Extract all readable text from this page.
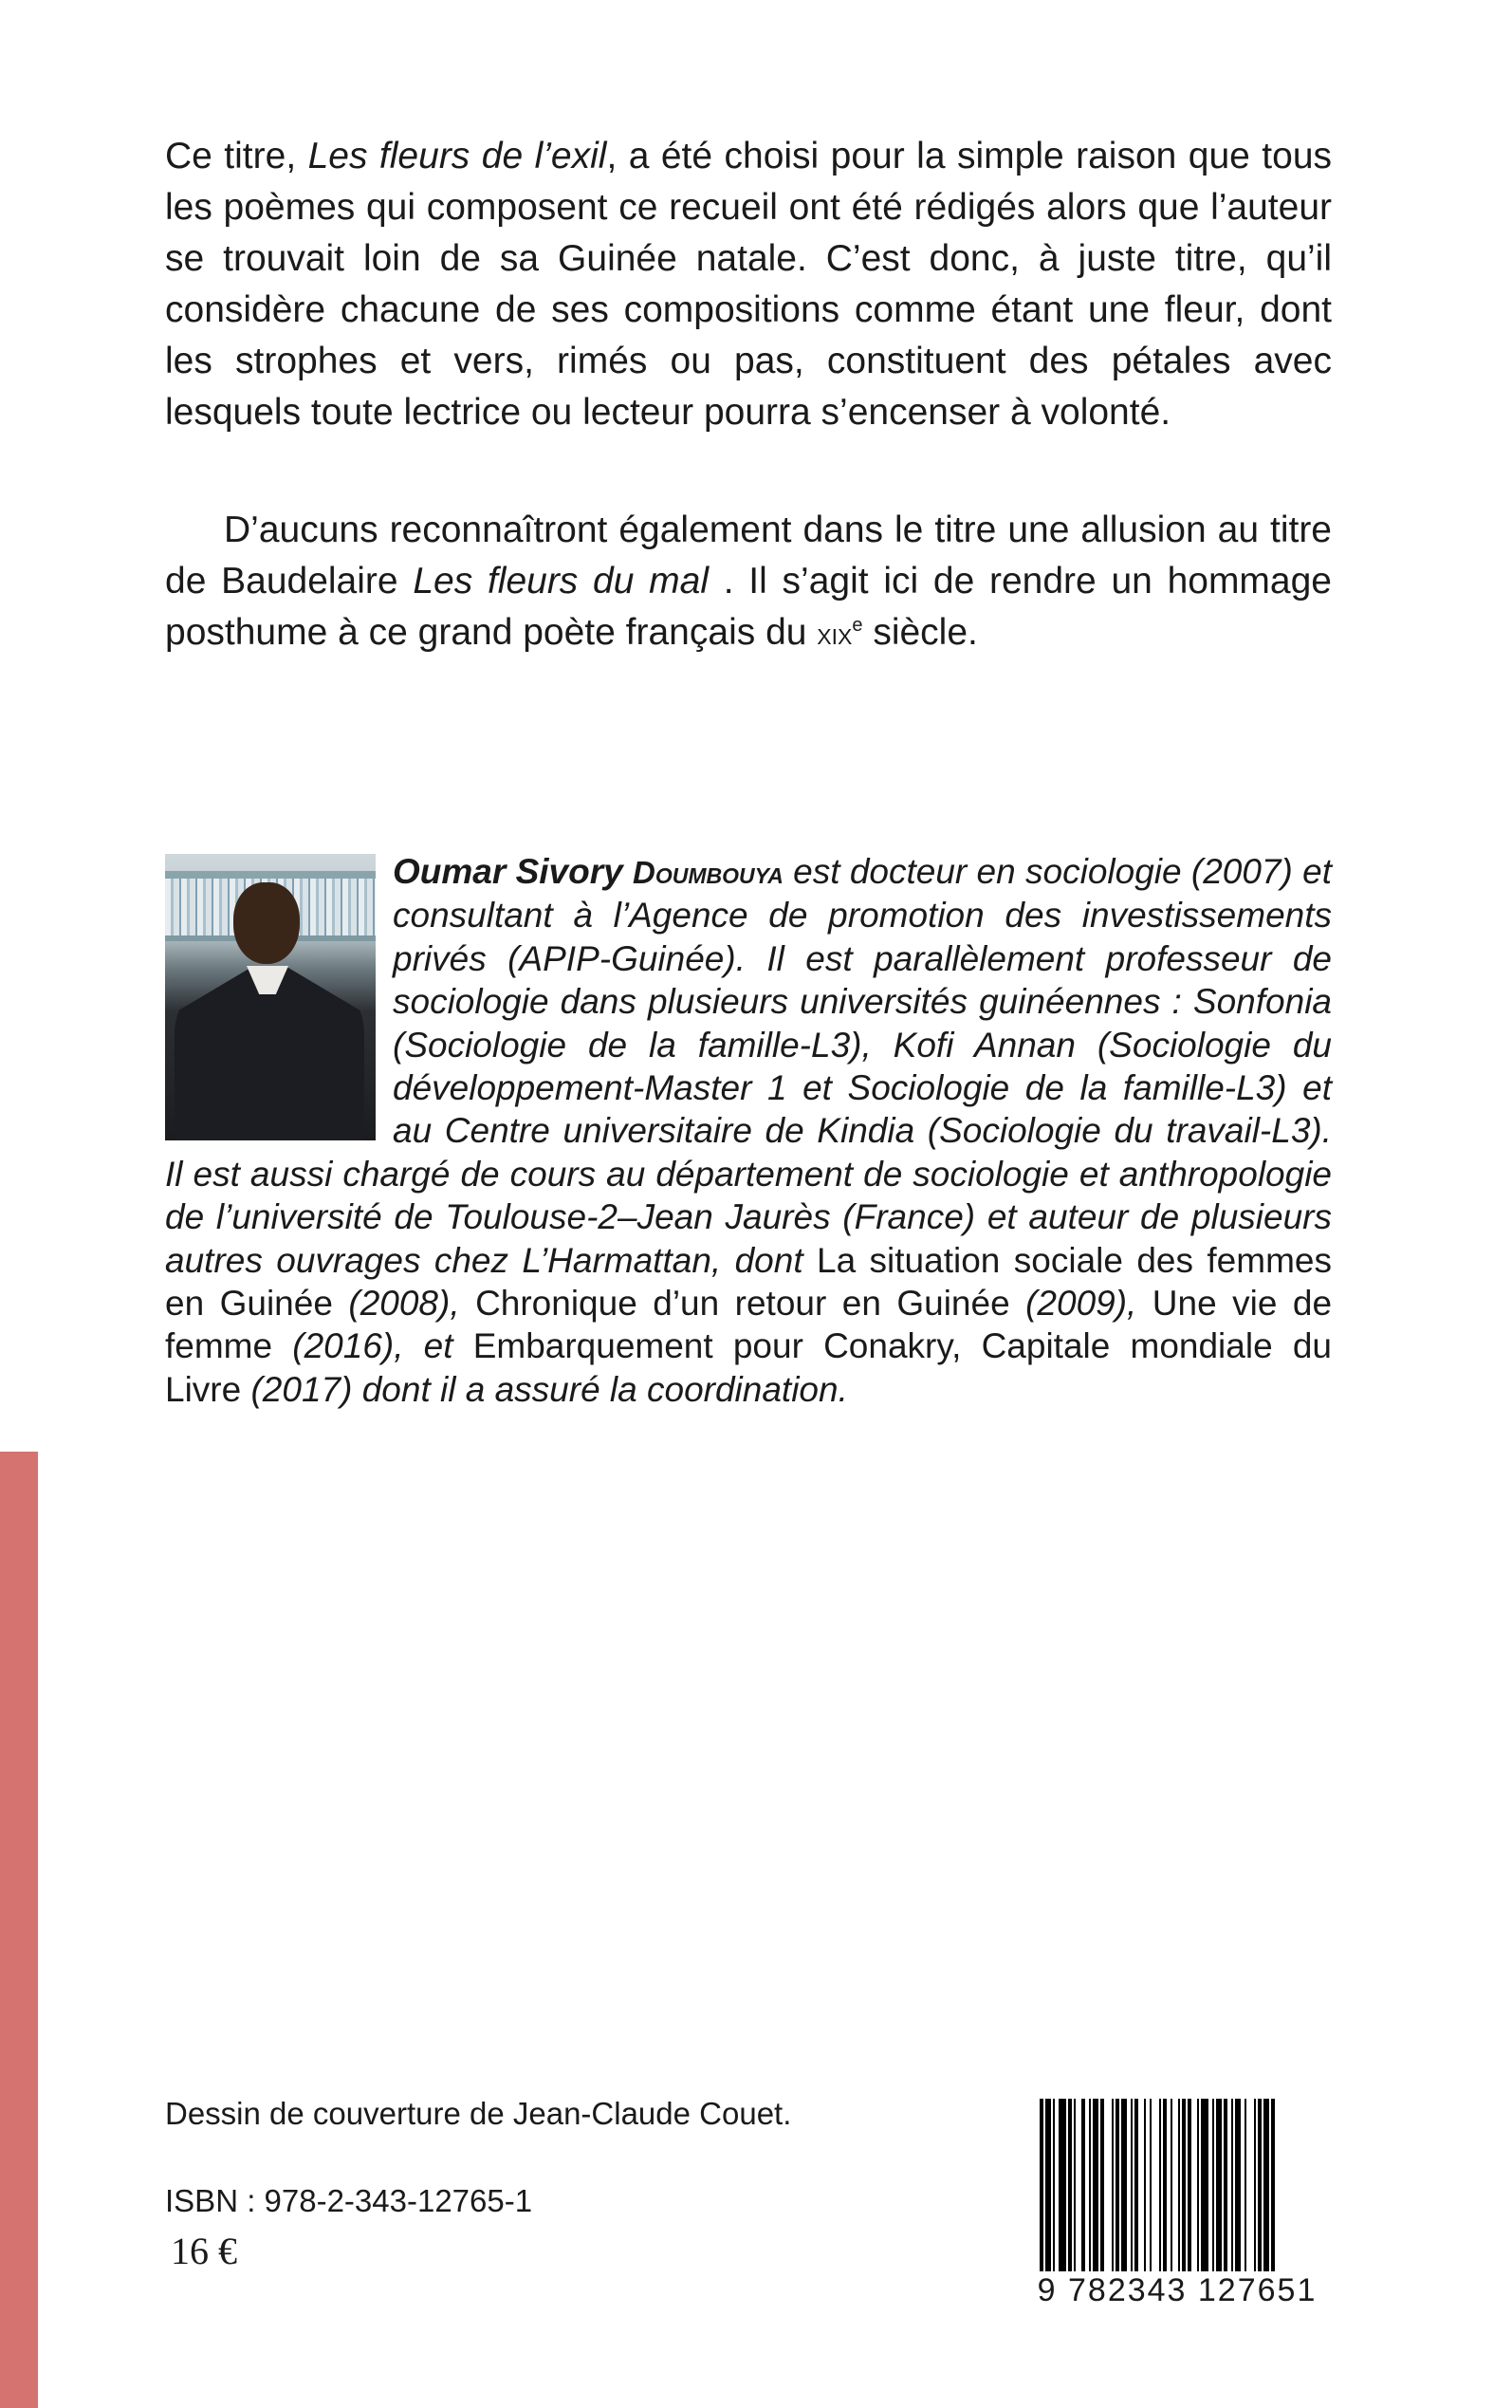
Ce titre, Les fleurs de l’exil, a été choisi pour la simple raison que tous les poèmes qui composent ce recueil ont été rédigés alors que l’auteur se trouvait loin de sa Guinée natale. C’est donc, à juste titre, qu’il considère chacune de ses compositions comme étant une fleur, dont les strophes et vers, rimés ou pas, constituent des pétales avec lesquels toute lectrice ou lecteur pourra s’encenser à volonté.

D’aucuns reconnaîtront également dans le titre une allusion au titre de Baudelaire Les fleurs du mal . Il s’agit ici de rendre un hommage posthume à ce grand poète français du xix$^e$ siècle.

Oumar Sivory Doumbouya est docteur en sociologie (2007) et consultant à l’Agence de promotion des investissements privés (APIP-Guinée). Il est parallèlement professeur de sociologie dans plusieurs universités guinéennes : Sonfonia (Sociologie de la famille-L3), Kofi Annan (Sociologie du développement-Master 1 et Sociologie de la famille-L3) et au Centre universitaire de Kindia (Sociologie du travail-L3). Il est aussi chargé de cours au département de sociologie et anthropologie de l’université de Toulouse-2–Jean Jaurès (France) et auteur de plusieurs autres ouvrages chez L’Harmattan, dont La situation sociale des femmes en Guinée (2008), Chronique d’un retour en Guinée (2009), Une vie de femme (2016), et Embarquement pour Conakry, Capitale mondiale du Livre (2017) dont il a assuré la coordination.

Dessin de couverture de Jean-Claude Couet.

ISBN : 978-2-343-12765-1

16 €

9 782343 127651
